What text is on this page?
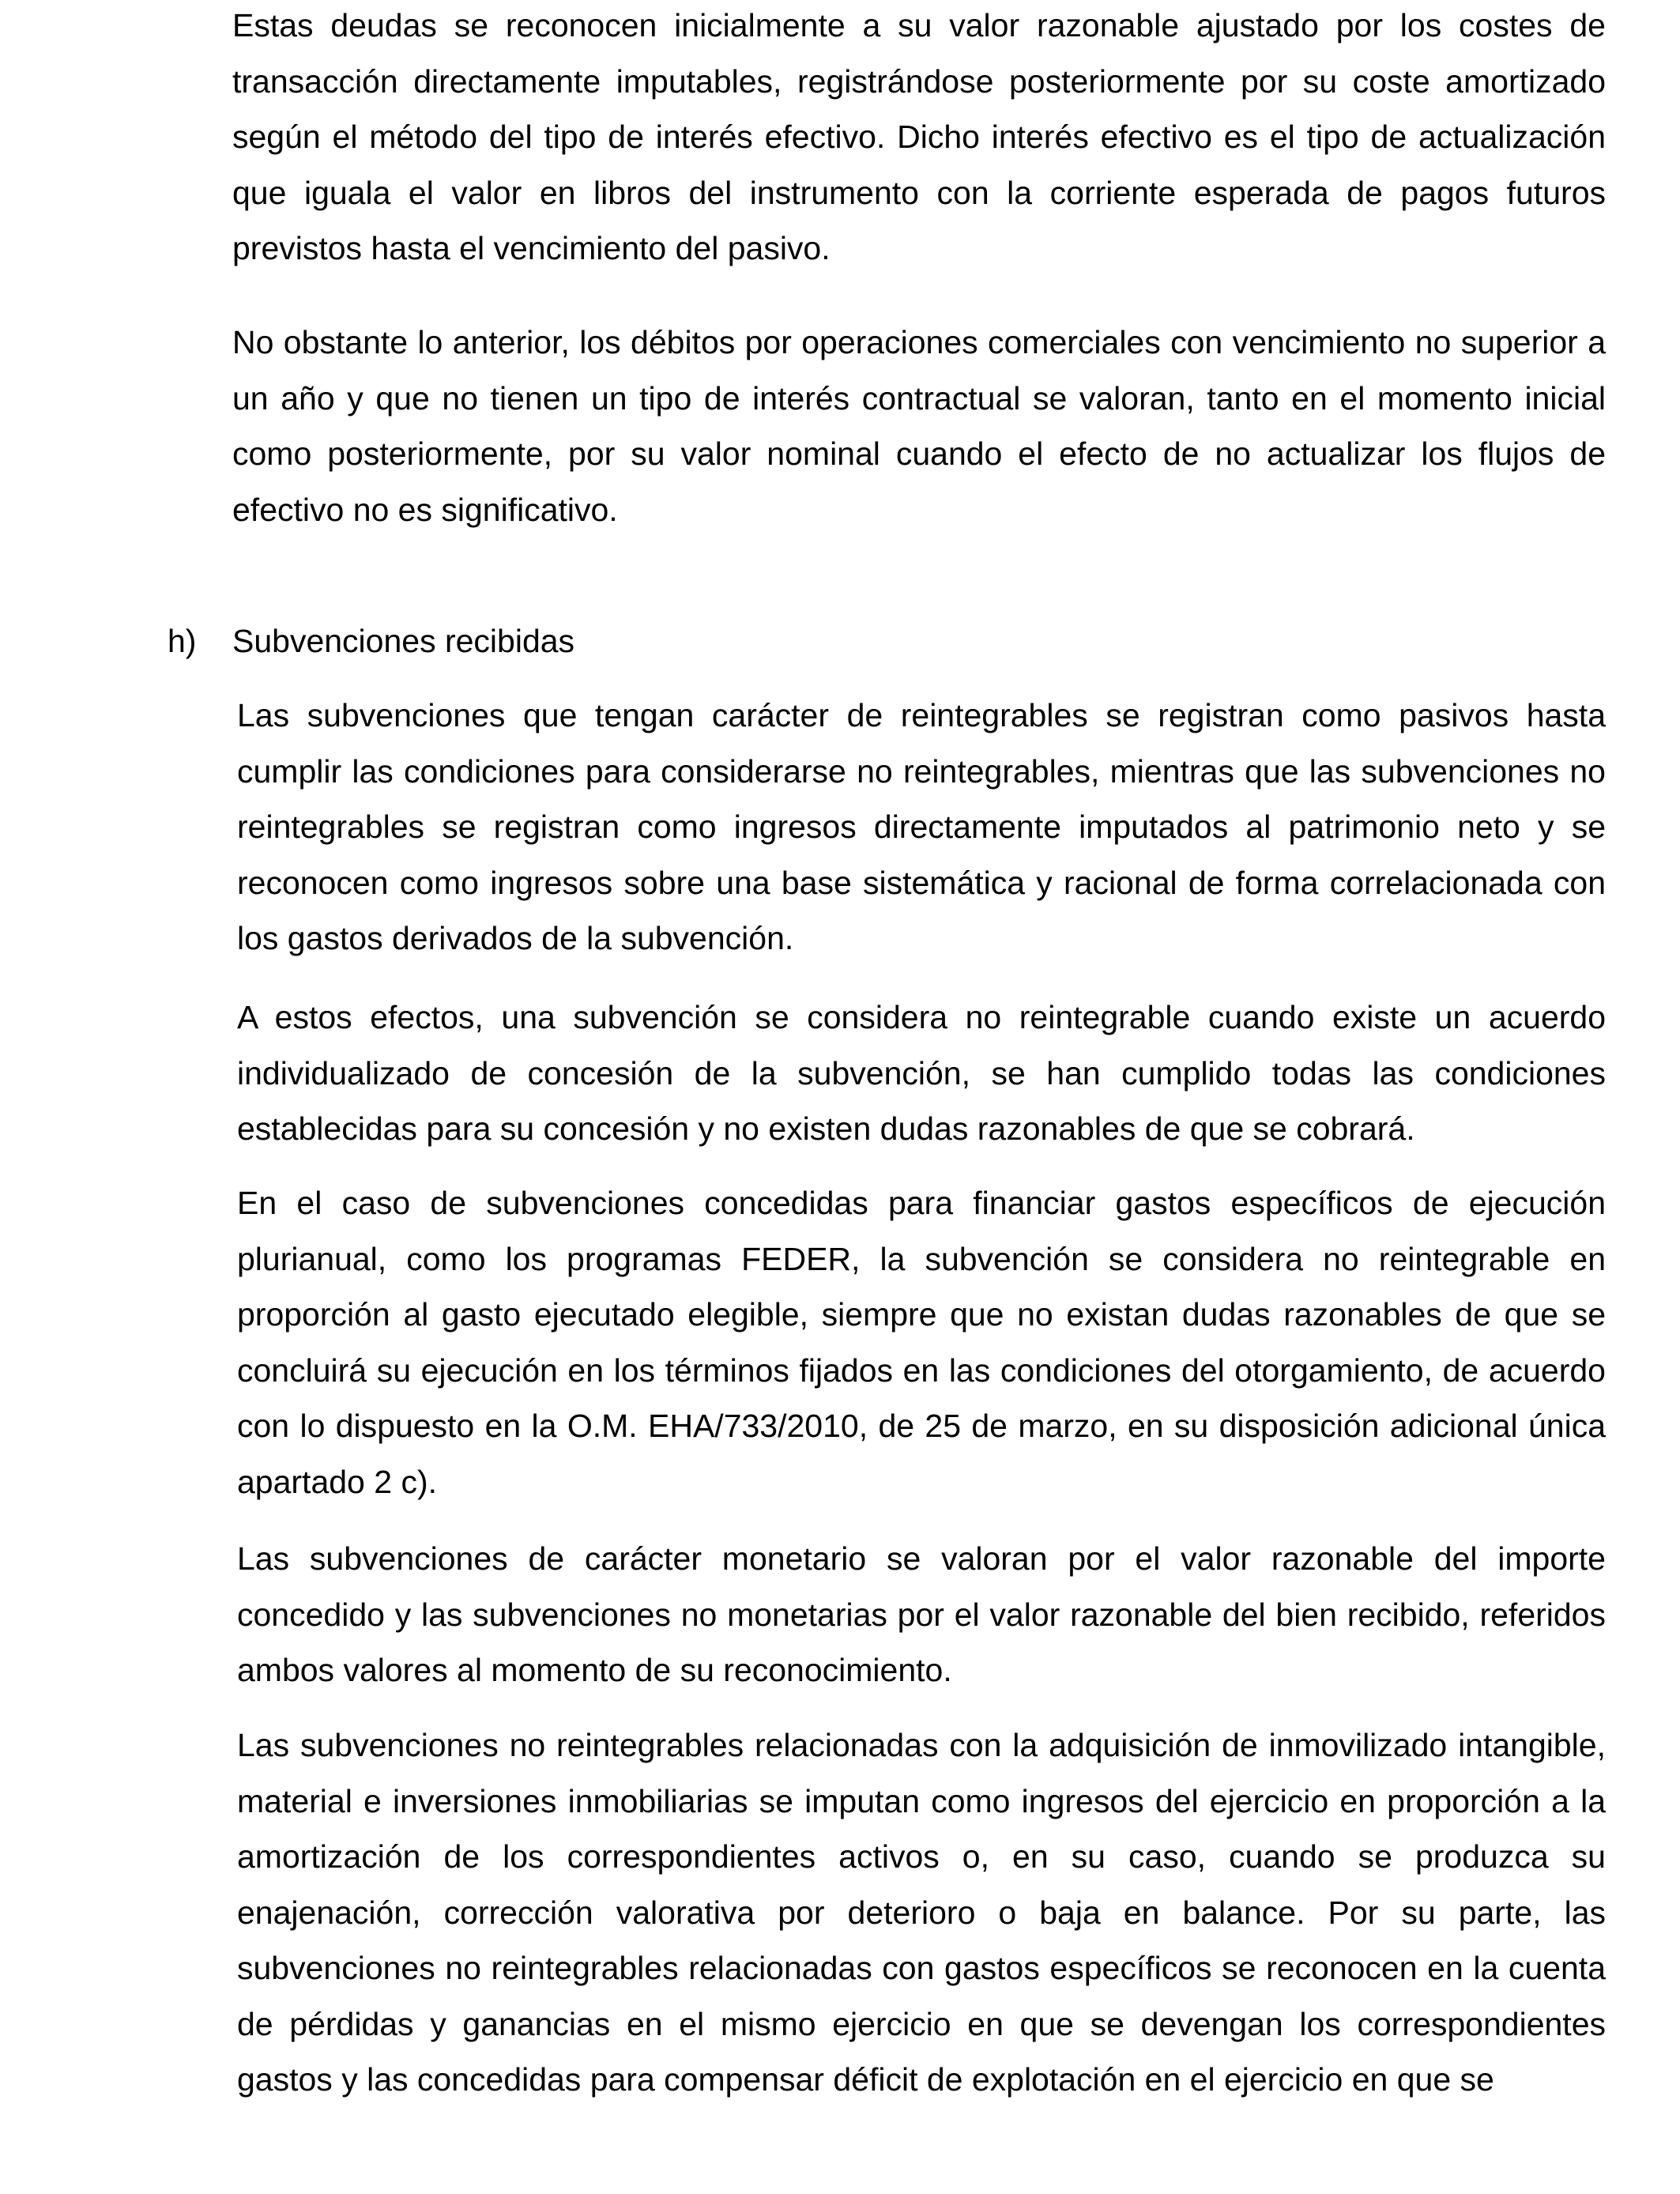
Estas deudas se reconocen inicialmente a su valor razonable ajustado por los costes de transacción directamente imputables, registrándose posteriormente por su coste amortizado según el método del tipo de interés efectivo. Dicho interés efectivo es el tipo de actualización que iguala el valor en libros del instrumento con la corriente esperada de pagos futuros previstos hasta el vencimiento del pasivo.

No obstante lo anterior, los débitos por operaciones comerciales con vencimiento no superior a un año y que no tienen un tipo de interés contractual se valoran, tanto en el momento inicial como posteriormente, por su valor nominal cuando el efecto de no actualizar los flujos de efectivo no es significativo.

h) Subvenciones recibidas

Las subvenciones que tengan carácter de reintegrables se registran como pasivos hasta cumplir las condiciones para considerarse no reintegrables, mientras que las subvenciones no reintegrables se registran como ingresos directamente imputados al patrimonio neto y se reconocen como ingresos sobre una base sistemática y racional de forma correlacionada con los gastos derivados de la subvención.

A estos efectos, una subvención se considera no reintegrable cuando existe un acuerdo individualizado de concesión de la subvención, se han cumplido todas las condiciones establecidas para su concesión y no existen dudas razonables de que se cobrará.

En el caso de subvenciones concedidas para financiar gastos específicos de ejecución plurianual, como los programas FEDER, la subvención se considera no reintegrable en proporción al gasto ejecutado elegible, siempre que no existan dudas razonables de que se concluirá su ejecución en los términos fijados en las condiciones del otorgamiento, de acuerdo con lo dispuesto en la O.M. EHA/733/2010, de 25 de marzo, en su disposición adicional única apartado 2 c).

Las subvenciones de carácter monetario se valoran por el valor razonable del importe concedido y las subvenciones no monetarias por el valor razonable del bien recibido, referidos ambos valores al momento de su reconocimiento.

Las subvenciones no reintegrables relacionadas con la adquisición de inmovilizado intangible, material e inversiones inmobiliarias se imputan como ingresos del ejercicio en proporción a la amortización de los correspondientes activos o, en su caso, cuando se produzca su enajenación, corrección valorativa por deterioro o baja en balance. Por su parte, las subvenciones no reintegrables relacionadas con gastos específicos se reconocen en la cuenta de pérdidas y ganancias en el mismo ejercicio en que se devengan los correspondientes gastos y las concedidas para compensar déficit de explotación en el ejercicio en que se
